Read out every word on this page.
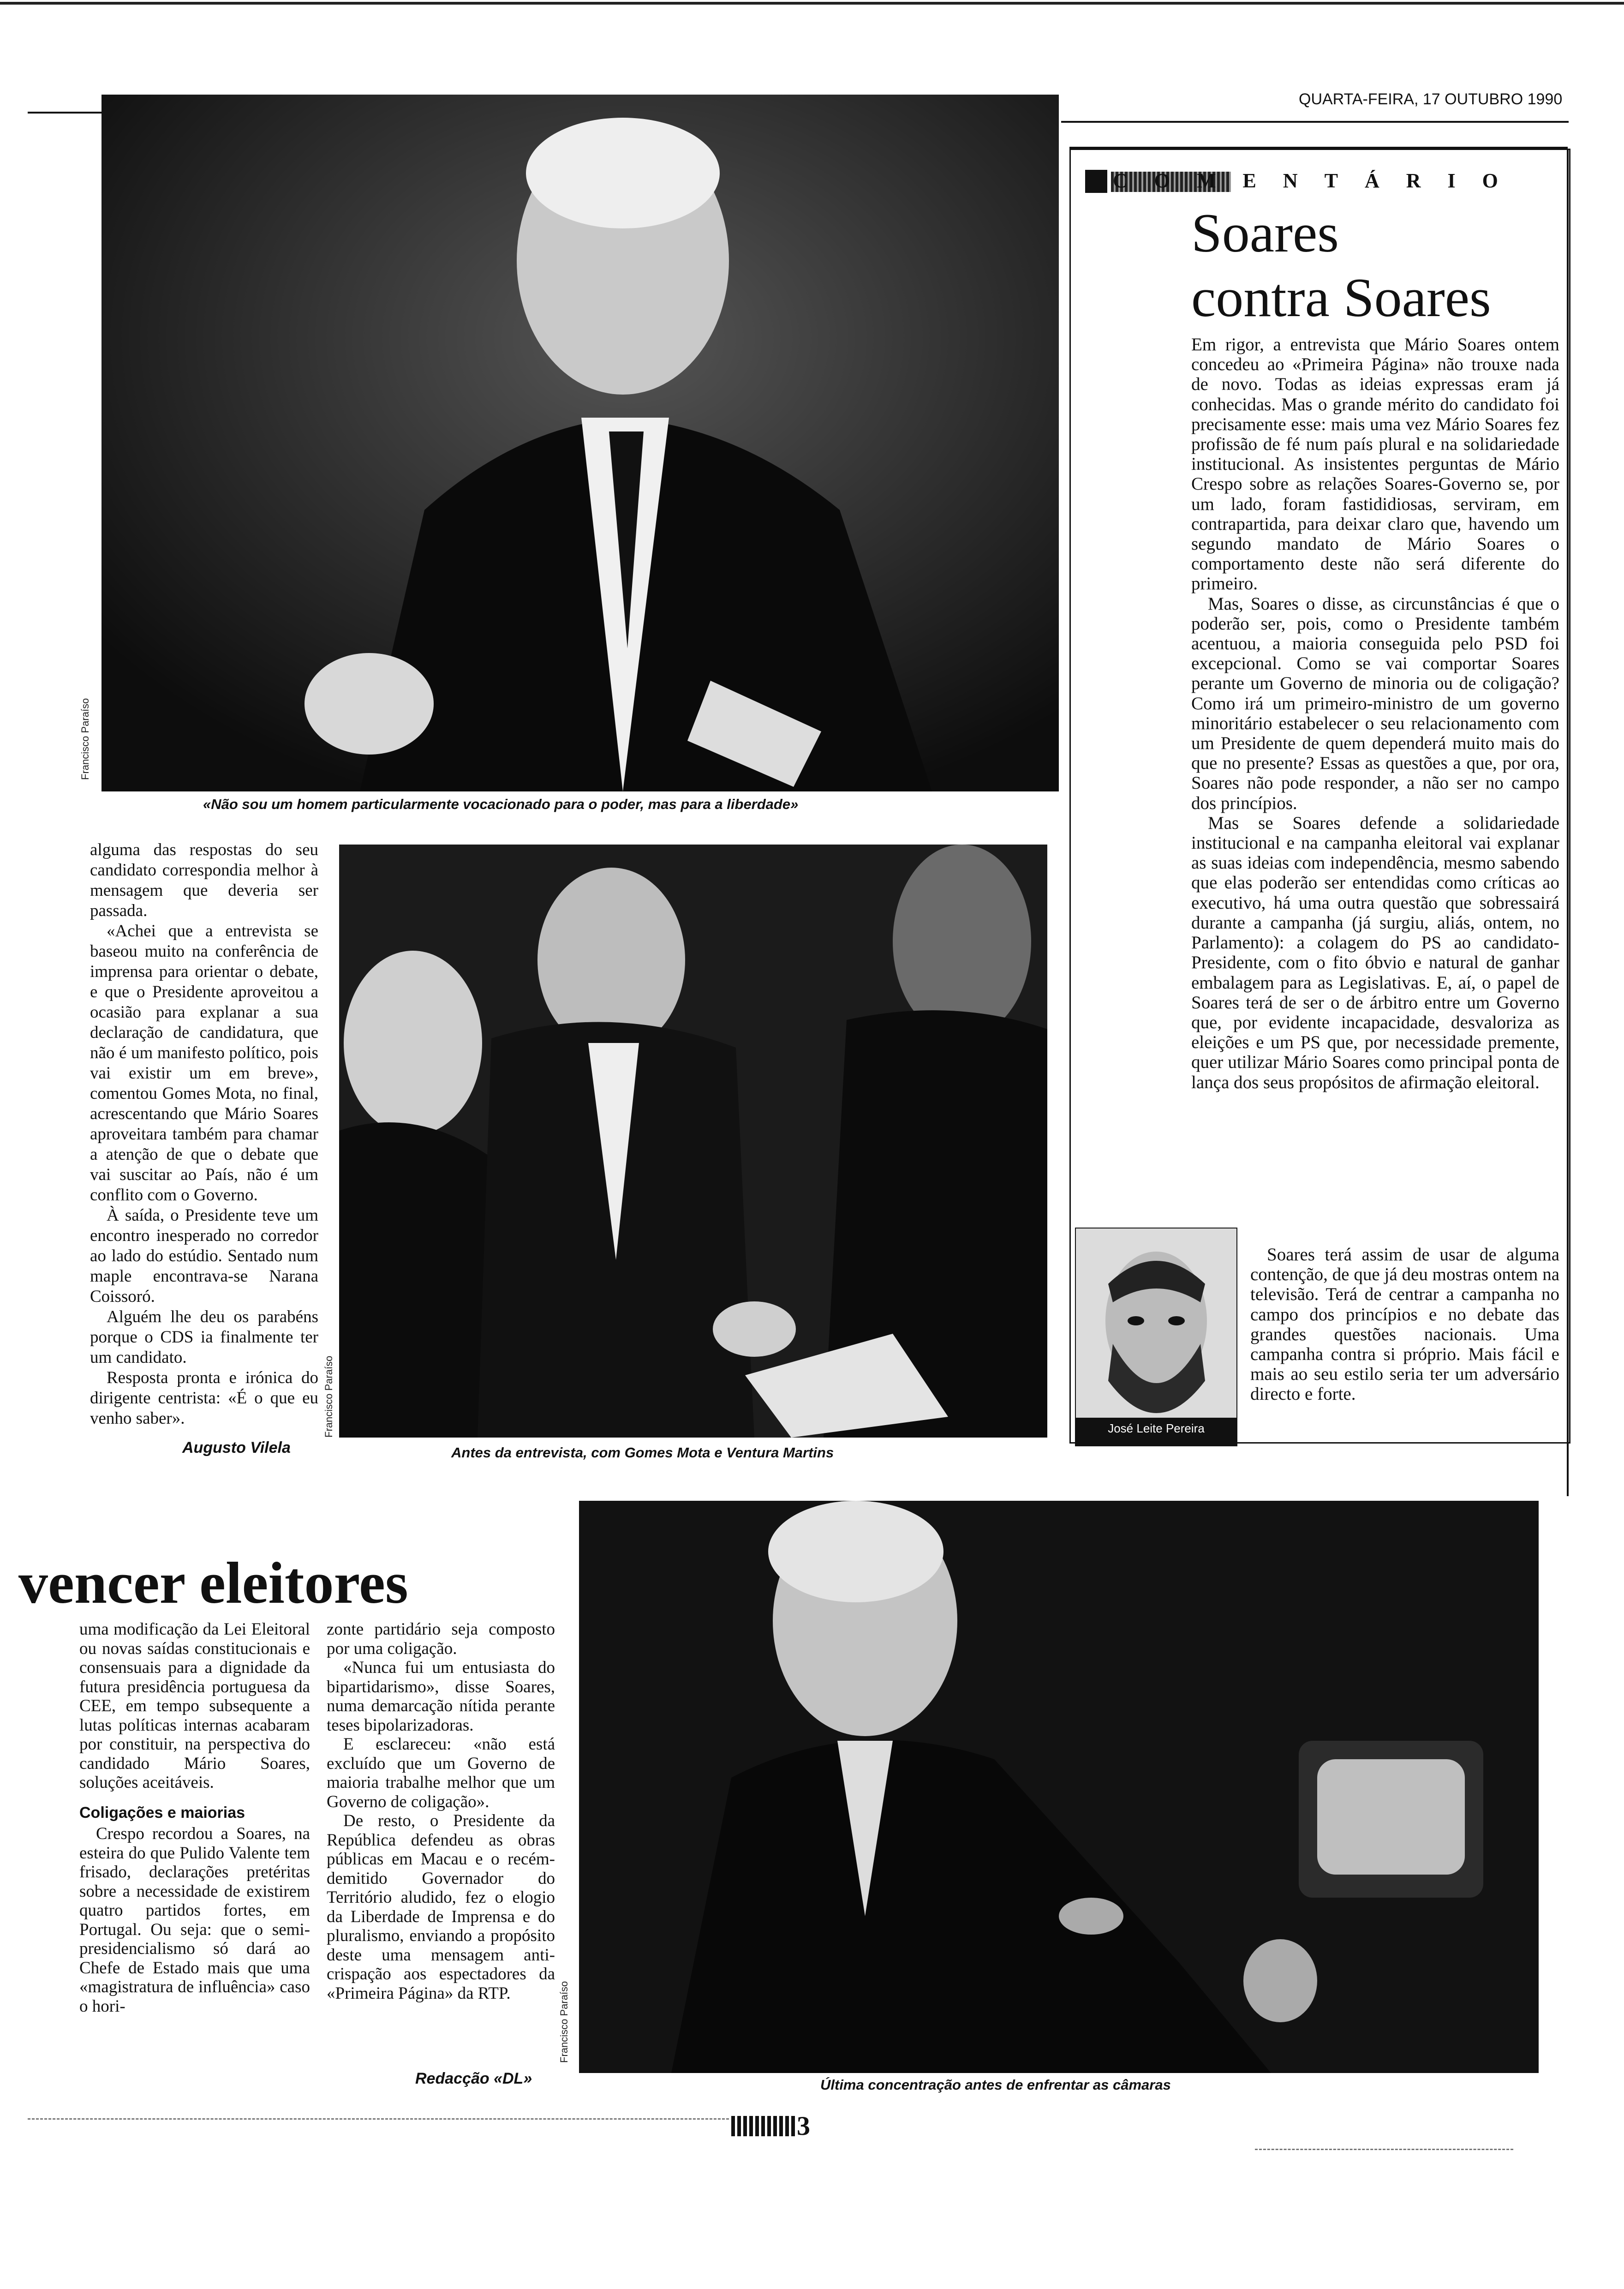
QUARTA-FEIRA, 17 OUTUBRO 1990
Francisco Paraíso
«Não sou um homem particularmente vocacionado para o poder, mas para a liberdade»
Francisco Paraíso
Antes da entrevista, com Gomes Mota e Ventura Martins

alguma das respostas do seu candidato correspondia melhor à mensagem que deveria ser passada.

«Achei que a entrevista se baseou muito na conferência de imprensa para orientar o debate, e que o Presidente aproveitou a ocasião para explanar a sua declaração de candidatura, que não é um manifesto político, pois vai existir um em breve», comentou Gomes Mota, no final, acrescentando que Mário Soares aproveitara também para chamar a atenção de que o debate que vai suscitar ao País, não é um conflito com o Governo.

À saída, o Presidente teve um encontro inesperado no corredor ao lado do estúdio. Sentado num maple encontrava-se Narana Coissoró.

Alguém lhe deu os parabéns porque o CDS ia finalmente ter um candidato.

Resposta pronta e irónica do dirigente centrista: «É o que eu venho saber».

Augusto Vilela
COMENTÁRIO
Soares
contra Soares

Em rigor, a entrevista que Mário Soares ontem concedeu ao «Primeira Página» não trouxe nada de novo. Todas as ideias expressas eram já conhecidas. Mas o grande mérito do candidato foi precisamente esse: mais uma vez Mário Soares fez profissão de fé num país plural e na solidariedade institucional. As insistentes perguntas de Mário Crespo sobre as relações Soares-Governo se, por um lado, foram fastididiosas, serviram, em contrapartida, para deixar claro que, havendo um segundo mandato de Mário Soares o comportamento deste não será diferente do primeiro.

Mas, Soares o disse, as circunstâncias é que o poderão ser, pois, como o Presidente também acentuou, a maioria conseguida pelo PSD foi excepcional. Como se vai comportar Soares perante um Governo de minoria ou de coligação? Como irá um primeiro-ministro de um governo minoritário estabelecer o seu relacionamento com um Presidente de quem dependerá muito mais do que no presente? Essas as questões a que, por ora, Soares não pode responder, a não ser no campo dos princípios.

Mas se Soares defende a solidariedade institucional e na campanha eleitoral vai explanar as suas ideias com independência, mesmo sabendo que elas poderão ser entendidas como críticas ao executivo, há uma outra questão que sobressairá durante a campanha (já surgiu, aliás, ontem, no Parlamento): a colagem do PS ao candidato-Presidente, com o fito óbvio e natural de ganhar embalagem para as Legislativas. E, aí, o papel de Soares terá de ser o de árbitro entre um Governo que, por evidente incapacidade, desvaloriza as eleições e um PS que, por necessidade premente, quer utilizar Mário Soares como principal ponta de lança dos seus propósitos de afirmação eleitoral.

José Leite Pereira

Soares terá assim de usar de alguma contenção, de que já deu mostras ontem na televisão. Terá de centrar a campanha no campo dos princípios e no debate das grandes questões nacionais. Uma campanha contra si próprio. Mais fácil e mais ao seu estilo seria ter um adversário directo e forte.

vencer eleitores

uma modificação da Lei Eleitoral ou novas saídas constitucionais e consensuais para a dignidade da futura presidência portuguesa da CEE, em tempo subsequente a lutas políticas internas acabaram por constituir, na perspectiva do candidado Mário Soares, soluções aceitáveis.

Coligações e maiorias

Crespo recordou a Soares, na esteira do que Pulido Valente tem frisado, declarações pretéritas sobre a necessidade de existirem quatro partidos fortes, em Portugal. Ou seja: que o semi-presidencialismo só dará ao Chefe de Estado mais que uma «magistratura de influência» caso o hori-

zonte partidário seja composto por uma coligação.

«Nunca fui um entusiasta do bipartidarismo», disse Soares, numa demarcação nítida perante teses bipolarizadoras.

E esclareceu: «não está excluído que um Governo de maioria trabalhe melhor que um Governo de coligação».

De resto, o Presidente da República defendeu as obras públicas em Macau e o recém-demitido Governador do Território aludido, fez o elogio da Liberdade de Imprensa e do pluralismo, enviando a propósito deste uma mensagem anti-crispação aos espectadores da «Primeira Página» da RTP.

Redacção «DL»
Francisco Paraíso
Última concentração antes de enfrentar as câmaras
3
